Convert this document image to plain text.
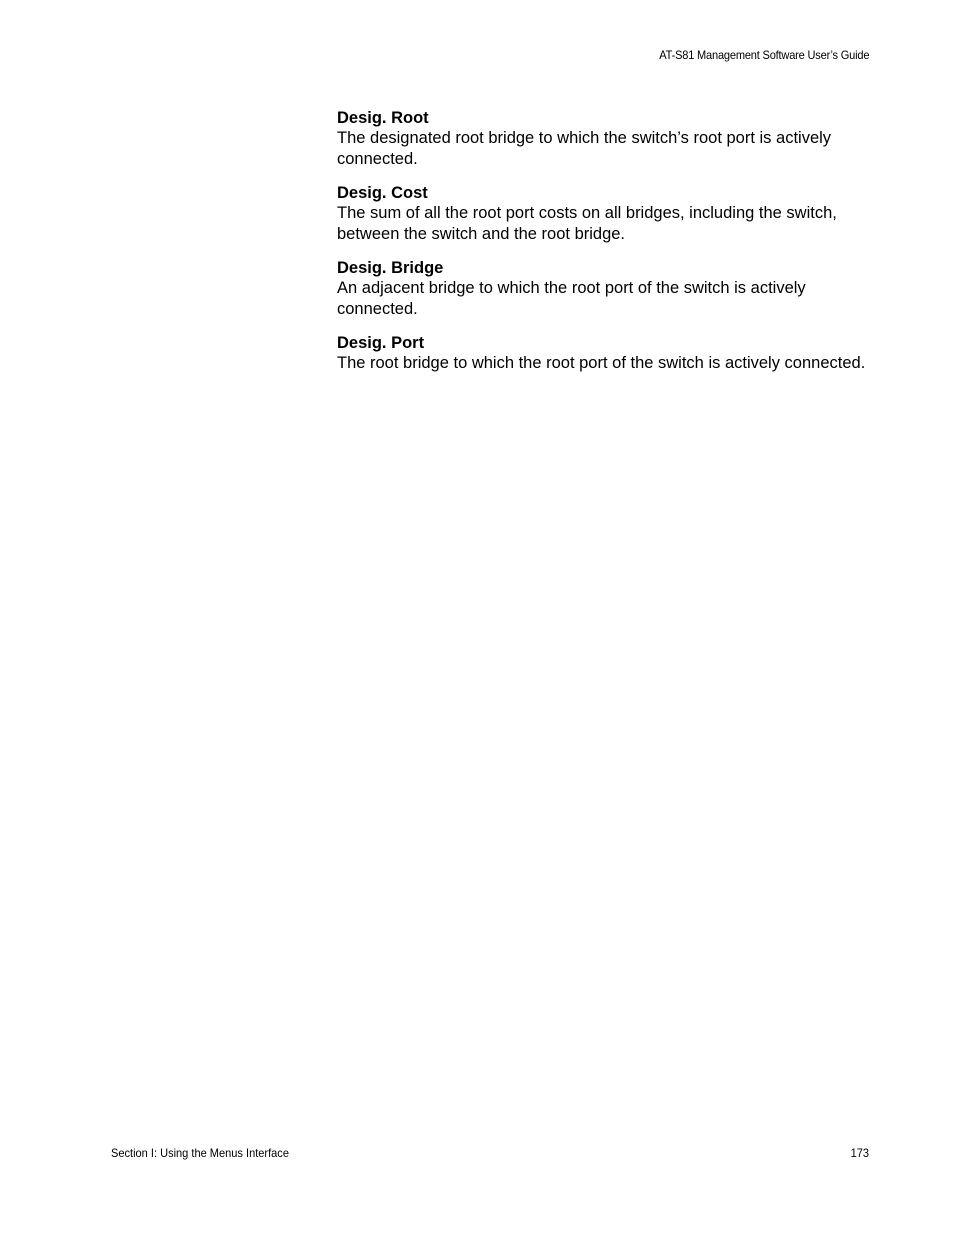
AT-S81 Management Software User’s Guide
Desig. Root
The designated root bridge to which the switch’s root port is actively connected.
Desig. Cost
The sum of all the root port costs on all bridges, including the switch, between the switch and the root bridge.
Desig. Bridge
An adjacent bridge to which the root port of the switch is actively connected.
Desig. Port
The root bridge to which the root port of the switch is actively connected.
Section I: Using the Menus Interface	173
